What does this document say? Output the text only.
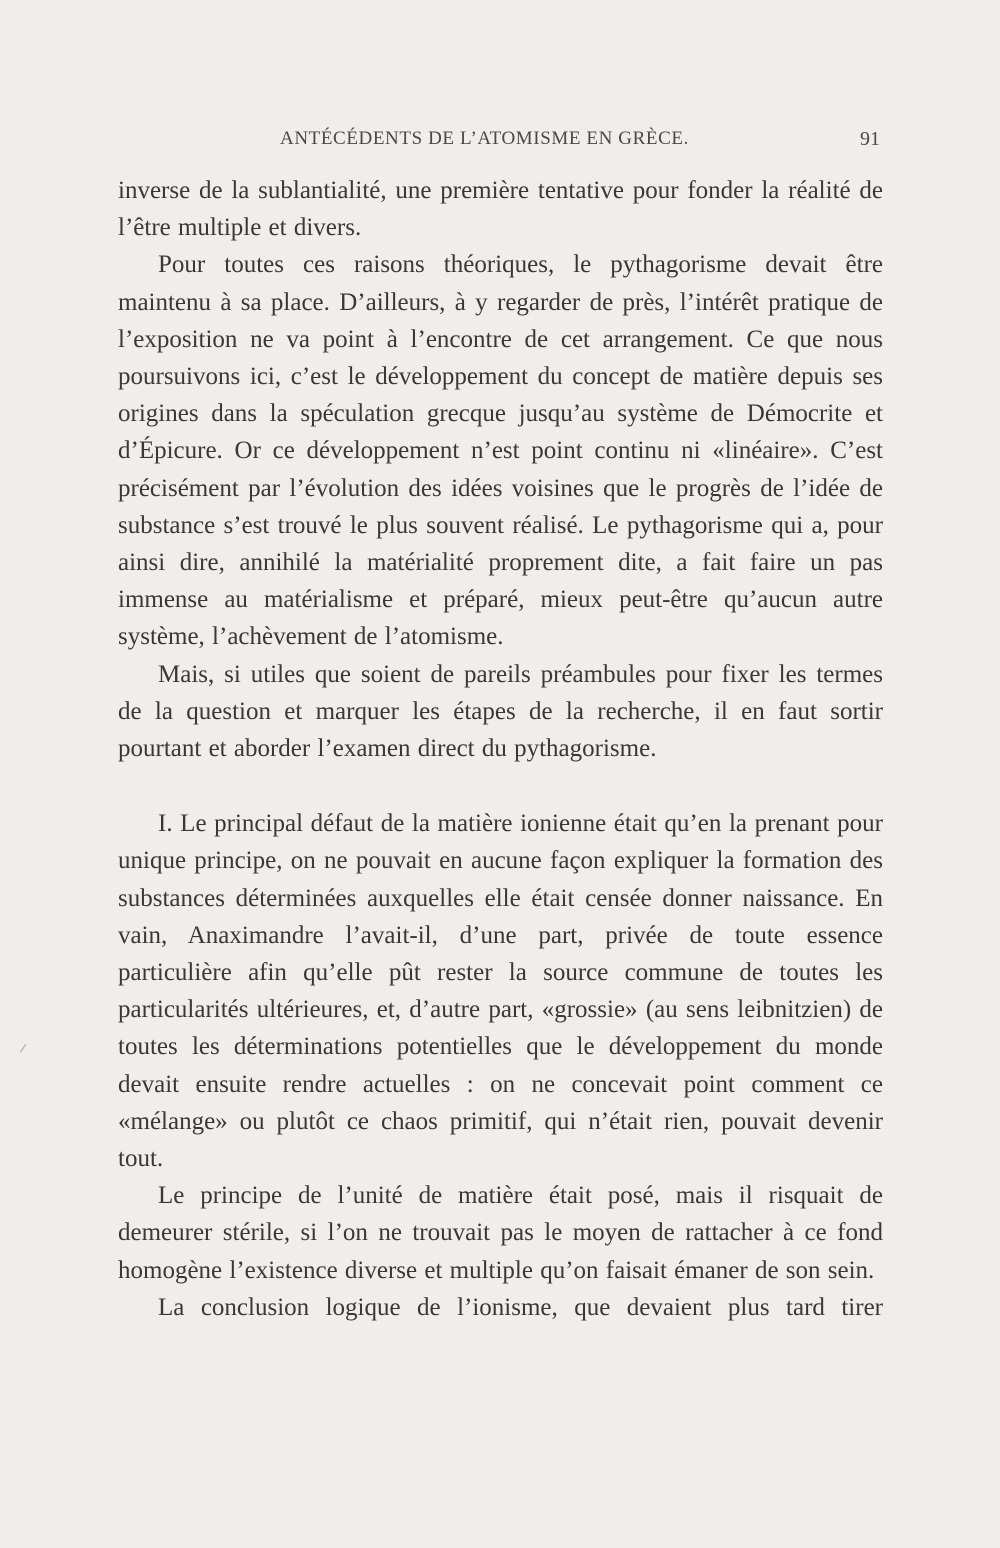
ANTÉCÉDENTS DE L’ATOMISME EN GRÈCE.	91

inverse de la sublantialité, une première tentative pour fonder la réalité de l’être multiple et divers.

Pour toutes ces raisons théoriques, le pythagorisme devait être maintenu à sa place. D’ailleurs, à y regarder de près, l’intérêt pratique de l’exposition ne va point à l’encontre de cet arrangement. Ce que nous poursuivons ici, c’est le développement du concept de matière depuis ses origines dans la spéculation grecque jusqu’au système de Démocrite et d’Épicure. Or ce développement n’est point continu ni «linéaire». C’est précisément par l’évolution des idées voisines que le progrès de l’idée de substance s’est trouvé le plus souvent réalisé. Le pythagorisme qui a, pour ainsi dire, annihilé la matérialité proprement dite, a fait faire un pas immense au matérialisme et préparé, mieux peut-être qu’aucun autre système, l’achèvement de l’atomisme.

Mais, si utiles que soient de pareils préambules pour fixer les termes de la question et marquer les étapes de la recherche, il en faut sortir pourtant et aborder l’examen direct du pythagorisme.

I. Le principal défaut de la matière ionienne était qu’en la prenant pour unique principe, on ne pouvait en aucune façon expliquer la formation des substances déterminées auxquelles elle était censée donner naissance. En vain, Anaximandre l’avait-il, d’une part, privée de toute essence particulière afin qu’elle pût rester la source commune de toutes les particularités ultérieures, et, d’autre part, «grossie» (au sens leibnitzien) de toutes les déterminations potentielles que le développement du monde devait ensuite rendre actuelles : on ne concevait point comment ce «mélange» ou plutôt ce chaos primitif, qui n’était rien, pouvait devenir tout.

Le principe de l’unité de matière était posé, mais il risquait de demeurer stérile, si l’on ne trouvait pas le moyen de rattacher à ce fond homogène l’existence diverse et multiple qu’on faisait émaner de son sein.

La conclusion logique de l’ionisme, que devaient plus tard tirer
